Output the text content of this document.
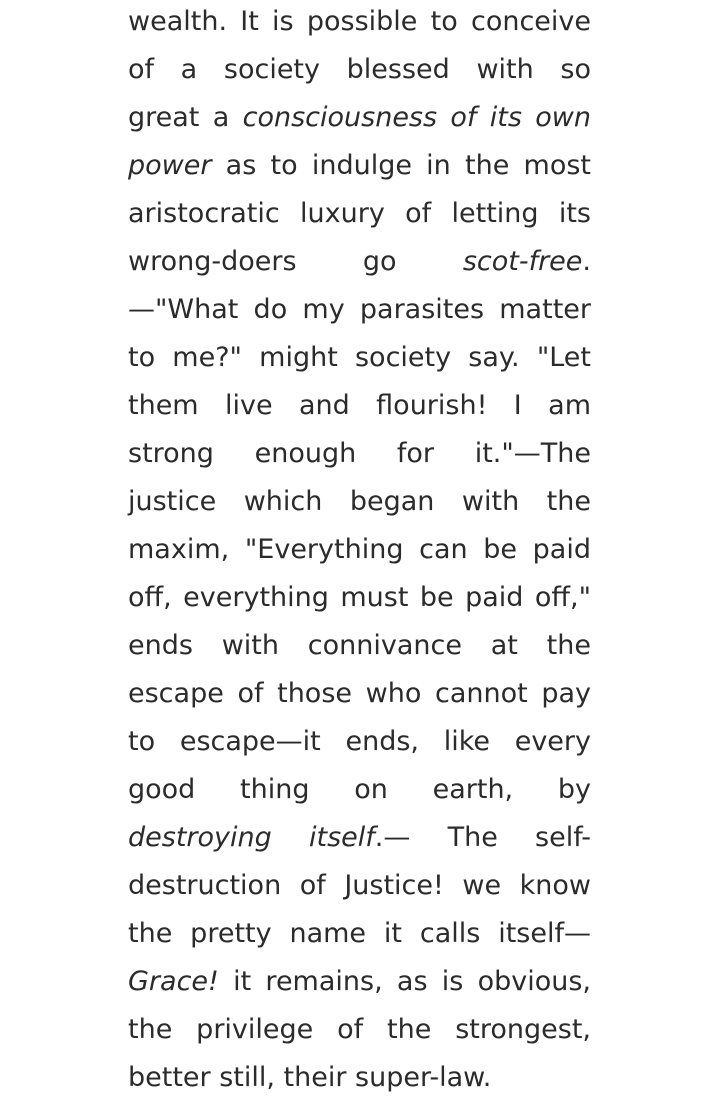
wealth. It is possible to conceive
of a society blessed with so
great a consciousness of its own
power as to indulge in the most
aristocratic luxury of letting its
wrong-doers go scot-free.
—"What do my parasites matter
to me?" might society say. "Let
them live and flourish! I am
strong enough for it."—The
justice which began with the
maxim, "Everything can be paid
off, everything must be paid off,"
ends with connivance at the
escape of those who cannot pay
to escape—it ends, like every
good thing on earth, by
destroying itself.— The self-
destruction of Justice! we know
the pretty name it calls itself—
Grace! it remains, as is obvious,
the privilege of the strongest,
better still, their super-law.
